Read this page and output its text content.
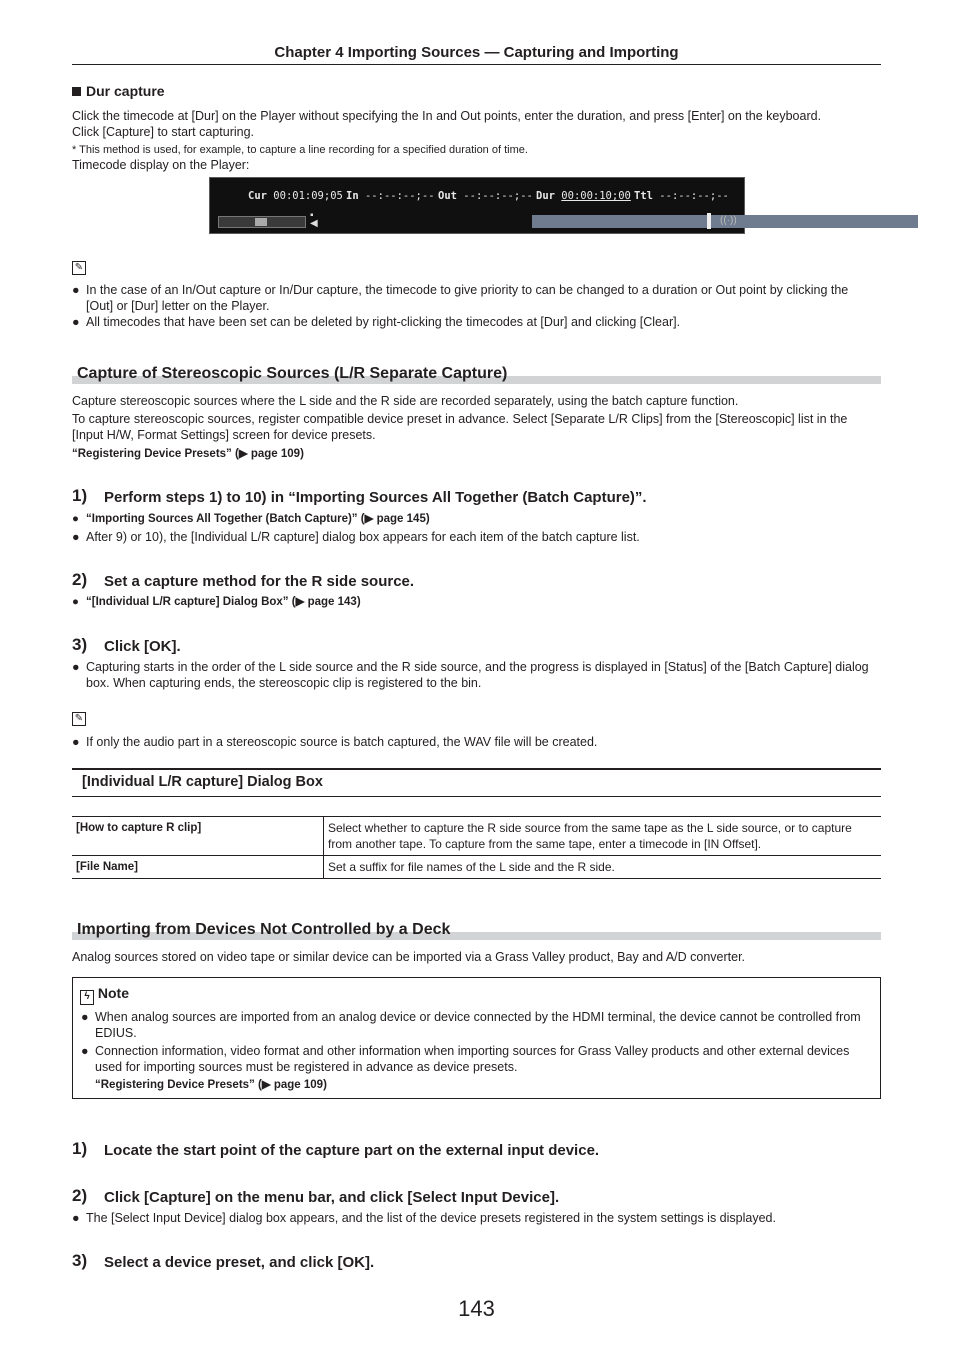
Chapter 4 Importing Sources — Capturing and Importing
Dur capture
Click the timecode at [Dur] on the Player without specifying the In and Out points, enter the duration, and press [Enter] on the keyboard.
Click [Capture] to start capturing.
* This method is used, for example, to capture a line recording for a specified duration of time.
Timecode display on the Player:
Cur 00:01:09;05 In --:--:--;-- Out --:--:--;-- Dur 00:00:10;00 Ttl --:--:--;--
▪
◀	((·))
✎
● In the case of an In/Out capture or In/Dur capture, the timecode to give priority to can be changed to a duration or Out point by clicking the [Out] or [Dur] letter on the Player.
● All timecodes that have been set can be deleted by right-clicking the timecodes at [Dur] and clicking [Clear].
Capture of Stereoscopic Sources (L/R Separate Capture)
Capture stereoscopic sources where the L side and the R side are recorded separately, using the batch capture function.
To capture stereoscopic sources, register compatible device preset in advance. Select [Separate L/R Clips] from the [Stereoscopic] list in the [Input H/W, Format Settings] screen for device presets.
“Registering Device Presets” (▶ page 109)
1) Perform steps 1) to 10) in “Importing Sources All Together (Batch Capture)”.
● “Importing Sources All Together (Batch Capture)” (▶ page 145)
● After 9) or 10), the [Individual L/R capture] dialog box appears for each item of the batch capture list.
2) Set a capture method for the R side source.
● “[Individual L/R capture] Dialog Box” (▶ page 143)
3) Click [OK].
● Capturing starts in the order of the L side source and the R side source, and the progress is displayed in [Status] of the [Batch Capture] dialog box. When capturing ends, the stereoscopic clip is registered to the bin.
✎
● If only the audio part in a stereoscopic source is batch captured, the WAV file will be created.
[Individual L/R capture] Dialog Box
[How to capture R clip]	Select whether to capture the R side source from the same tape as the L side source, or to capture from another tape. To capture from the same tape, enter a timecode in [IN Offset].
[File Name]	Set a suffix for file names of the L side and the R side.
Importing from Devices Not Controlled by a Deck
Analog sources stored on video tape or similar device can be imported via a Grass Valley product, Bay and A/D converter.
ϟ Note
● When analog sources are imported from an analog device or device connected by the HDMI terminal, the device cannot be controlled from EDIUS.
● Connection information, video format and other information when importing sources for Grass Valley products and other external devices used for importing sources must be registered in advance as device presets.
“Registering Device Presets” (▶ page 109)
1) Locate the start point of the capture part on the external input device.
2) Click [Capture] on the menu bar, and click [Select Input Device].
● The [Select Input Device] dialog box appears, and the list of the device presets registered in the system settings is displayed.
3) Select a device preset, and click [OK].
143
